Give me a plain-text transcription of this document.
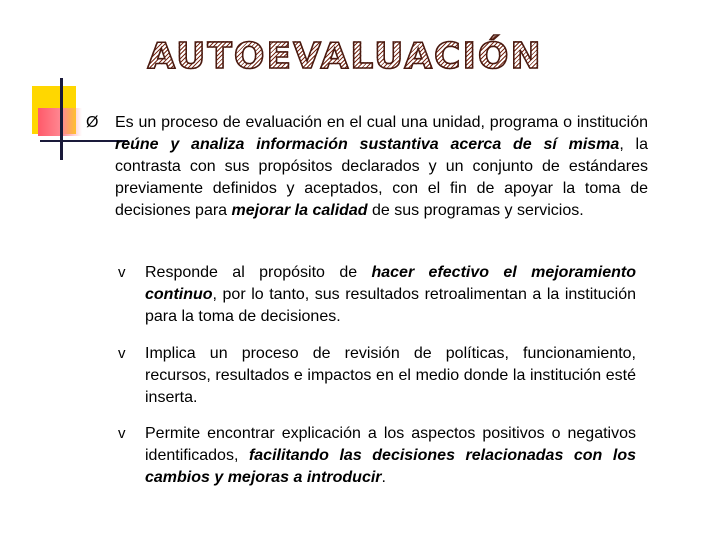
AUTOEVALUACIÓN
Ø Es un proceso de evaluación en el cual una unidad, programa o institución reúne y analiza información sustantiva acerca de sí misma, la contrasta con sus propósitos declarados y un conjunto de estándares previamente definidos y aceptados, con el fin de apoyar la toma de decisiones para mejorar la calidad de sus programas y servicios.
v Responde al propósito de hacer efectivo el mejoramiento continuo, por lo tanto, sus resultados retroalimentan a la institución para la toma de decisiones.
v Implica un proceso de revisión de políticas, funcionamiento, recursos, resultados e impactos en el medio donde la institución esté inserta.
v Permite encontrar explicación a los aspectos positivos o negativos identificados, facilitando las decisiones relacionadas con los cambios y mejoras a introducir.
